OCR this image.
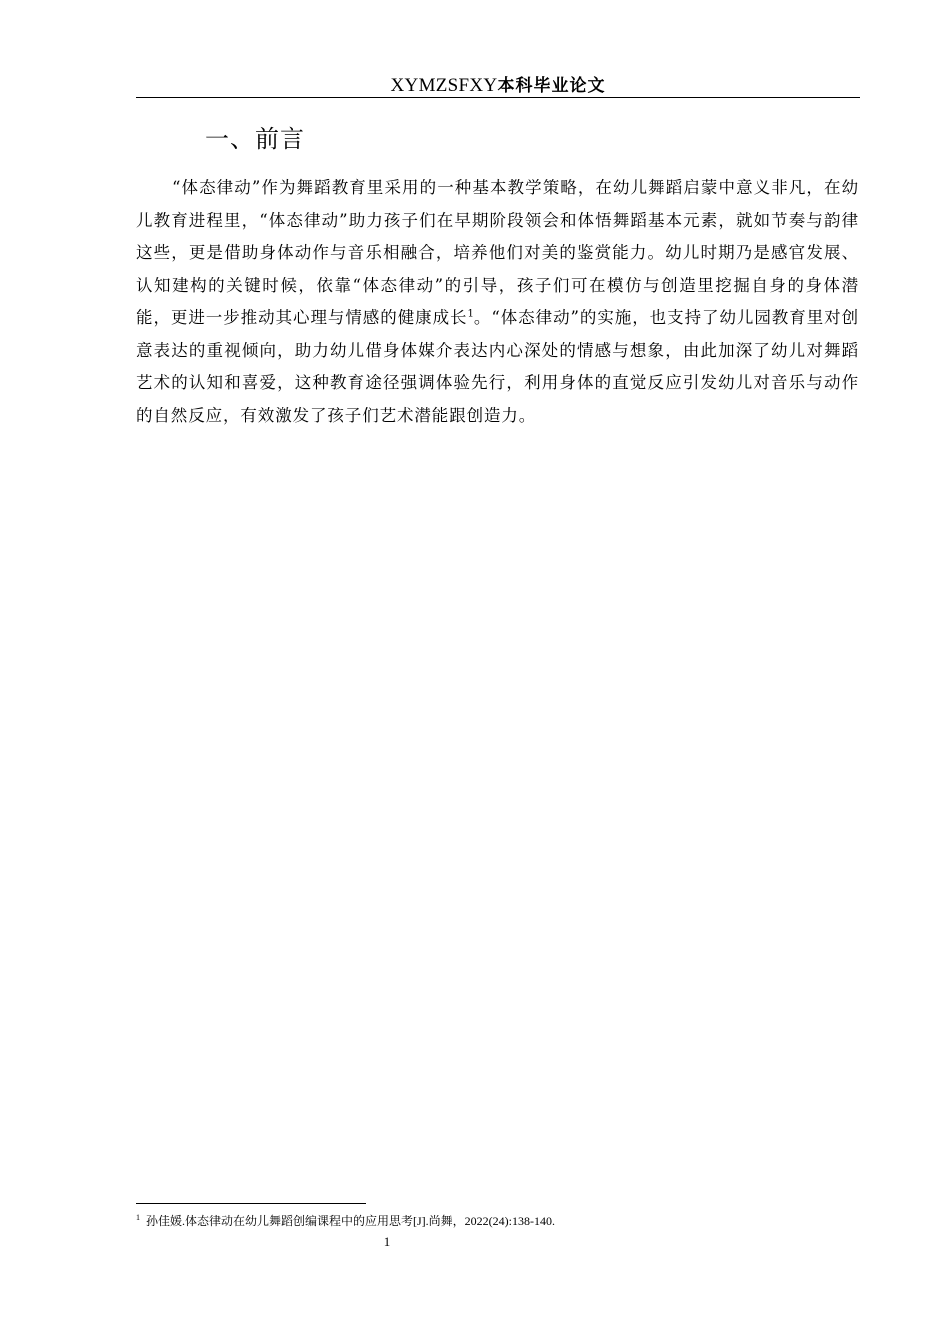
XYMZSFXY本科毕业论文
一、前言

“体态律动”作为舞蹈教育里采用的一种基本教学策略，在幼儿舞蹈启蒙中意义非凡，在幼儿教育进程里，“体态律动”助力孩子们在早期阶段领会和体悟舞蹈基本元素，就如节奏与韵律这些，更是借助身体动作与音乐相融合，培养他们对美的鉴赏能力。幼儿时期乃是感官发展、认知建构的关键时候，依靠“体态律动”的引导，孩子们可在模仿与创造里挖掘自身的身体潜能，更进一步推动其心理与情感的健康成长$^1$。“体态律动”的实施，也支持了幼儿园教育里对创意表达的重视倾向，助力幼儿借身体媒介表达内心深处的情感与想象，由此加深了幼儿对舞蹈艺术的认知和喜爱，这种教育途径强调体验先行，利用身体的直觉反应引发幼儿对音乐与动作的自然反应，有效激发了孩子们艺术潜能跟创造力。

$^1$ 孙佳媛.体态律动在幼儿舞蹈创编课程中的应用思考[J].尚舞，2022(24):138-140.
1
